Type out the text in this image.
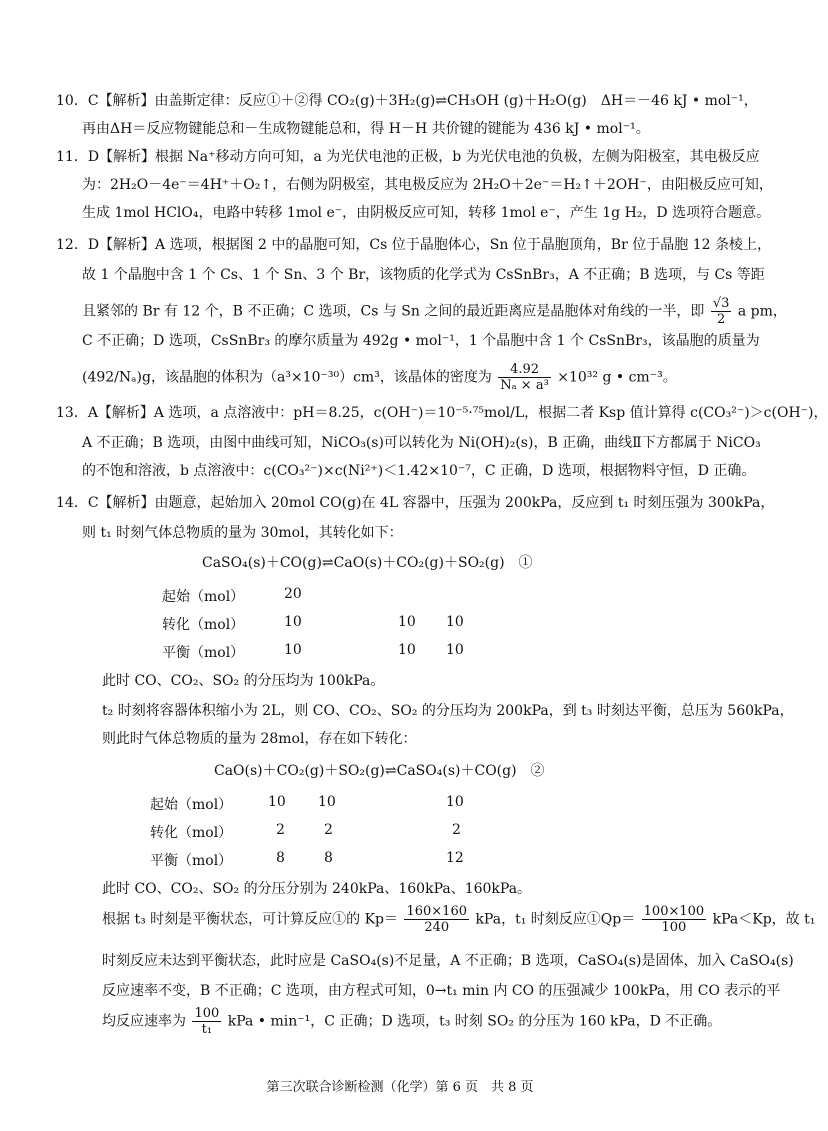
10．C【解析】由盖斯定律：反应①＋②得 CO₂(g)＋3H₂(g)⇌CH₃OH (g)＋H₂O(g)　ΔH＝－46 kJ • mol⁻¹，
再由ΔH＝反应物键能总和－生成物键能总和，得 H－H 共价键的键能为 436 kJ • mol⁻¹。
11．D【解析】根据 Na⁺移动方向可知，a 为光伏电池的正极，b 为光伏电池的负极，左侧为阳极室，其电极反应
为：2H₂O－4e⁻＝4H⁺＋O₂↑，右侧为阴极室，其电极反应为 2H₂O＋2e⁻＝H₂↑＋2OH⁻，由阳极反应可知，
生成 1mol HClO₄，电路中转移 1mol e⁻，由阴极反应可知，转移 1mol e⁻，产生 1g H₂，D 选项符合题意。
12．D【解析】A 选项，根据图 2 中的晶胞可知，Cs 位于晶胞体心，Sn 位于晶胞顶角，Br 位于晶胞 12 条棱上，
故 1 个晶胞中含 1 个 Cs、1 个 Sn、3 个 Br，该物质的化学式为 CsSnBr₃，A 不正确；B 选项，与 Cs 等距
且紧邻的 Br 有 12 个，B 不正确；C 选项，Cs 与 Sn 之间的最近距离应是晶胞体对角线的一半，即 $\frac{√3}{2}$ a pm，
C 不正确；D 选项，CsSnBr₃ 的摩尔质量为 492g • mol⁻¹，1 个晶胞中含 1 个 CsSnBr₃，该晶胞的质量为
(492/Nₐ)g，该晶胞的体积为（a³×10⁻³⁰）cm³，该晶体的密度为 $\frac{4.92}{\text{Nₐ × a³}} \times 10^{32}$ g • cm⁻³。
13．A【解析】A 选项，a 点溶液中：pH＝8.25，c(OH⁻)＝10⁻⁵·⁷⁵mol/L，根据二者 Ksp 值计算得 c(CO₃²⁻)＞c(OH⁻)，
A 不正确；B 选项，由图中曲线可知，NiCO₃(s)可以转化为 Ni(OH)₂(s)，B 正确，曲线Ⅱ下方都属于 NiCO₃
的不饱和溶液，b 点溶液中：c(CO₃²⁻)×c(Ni²⁺)＜1.42×10⁻⁷，C 正确，D 选项，根据物料守恒，D 正确。
14．C【解析】由题意，起始加入 20mol CO(g)在 4L 容器中，压强为 200kPa，反应到 t₁ 时刻压强为 300kPa，
则 t₁ 时刻气体总物质的量为 30mol，其转化如下：
CaSO₄(s)＋CO(g)⇌CaO(s)＋CO₂(g)＋SO₂(g)　①
起始（mol）	20
转化（mol）	10	10 10
平衡（mol）	10	10 10
此时 CO、CO₂、SO₂ 的分压均为 100kPa。
t₂ 时刻将容器体积缩小为 2L，则 CO、CO₂、SO₂ 的分压均为 200kPa，到 t₃ 时刻达平衡，总压为 560kPa，
则此时气体总物质的量为 28mol，存在如下转化：
CaO(s)＋CO₂(g)＋SO₂(g)⇌CaSO₄(s)＋CO(g)　②
起始（mol）	10 10	10
转化（mol）	2	2	2
平衡（mol）	8	8	12
此时 CO、CO₂、SO₂ 的分压分别为 240kPa、160kPa、160kPa。
根据 t₃ 时刻是平衡状态，可计算反应①的 $Kp= \frac{160\times 160}{240}$ kPa，t₁ 时刻反应①Qp＝ $\frac{100\times 100}{100} kPa<Kp$，故 t₁
时刻反应未达到平衡状态，此时应是 CaSO₄(s)不足量，A 不正确；B 选项，CaSO₄(s)是固体，加入 CaSO₄(s)
反应速率不变，B 不正确；C 选项，由方程式可知，0→t₁ min 内 CO 的压强减少 100kPa，用 CO 表示的平
均反应速率为 $\frac{100}{\text{t₁}}$ kPa • min⁻¹，C 正确；D 选项，t₃ 时刻 SO₂ 的分压为 160 kPa，D 不正确。
第三次联合诊断检测（化学）第 6 页　共 8 页
